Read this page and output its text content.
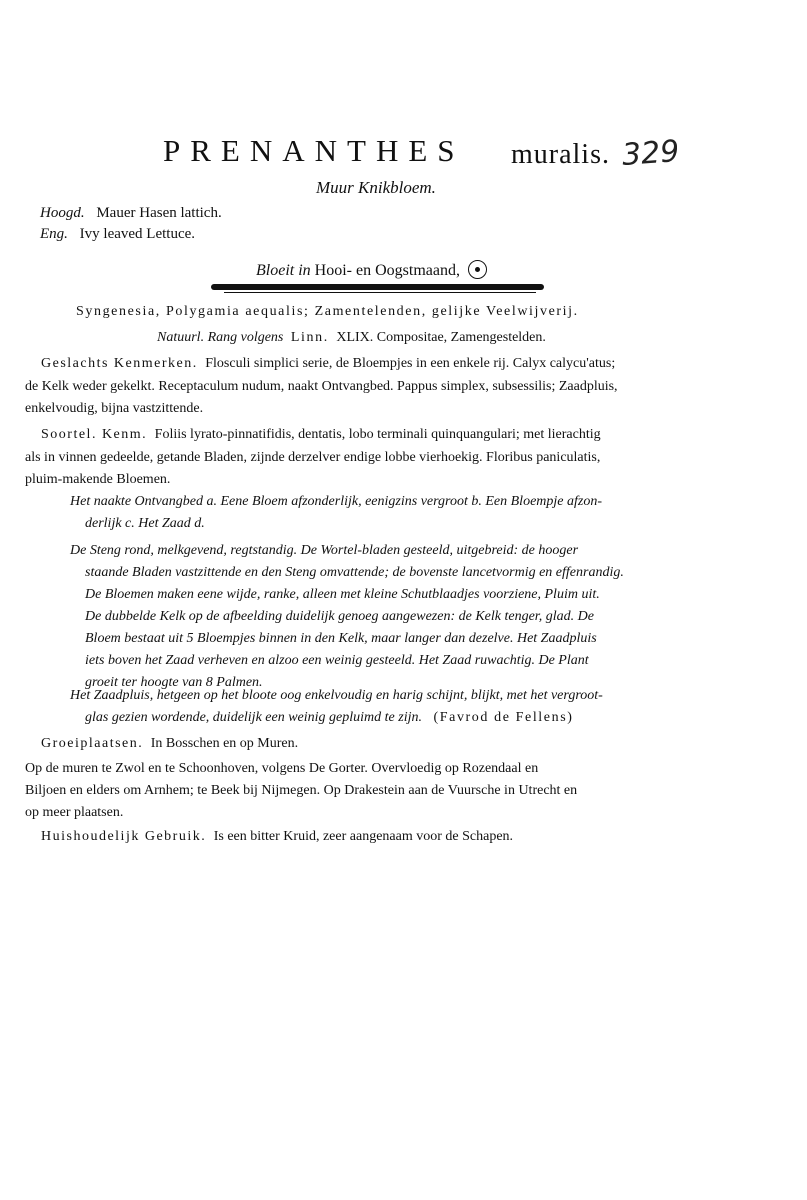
PRENANTHES muralis. 329
Muur Knikbloem.
Hoogd. Mauer Hasen lattich.
Eng. Ivy leaved Lettuce.
Bloeit in Hooi- en Oogstmaand,
Syngenesia, Polygamia aequalis; Zamentelenden, gelijke Veelwijverij.
Natuurl. Rang volgens Linn. XLIX. Compositae, Zamengestelden.
Geslachts Kenmerken. Flosculi simplici serie, de Bloempjes in een enkele rij. Calyx calycu'atus;
de Kelk weder gekelkt. Receptaculum nudum, naakt Ontvangbed. Pappus simplex, subsessilis; Zaadpluis,
enkelvoudig, bijna vastzittende.
Soortel. Kenm. Foliis lyrato-pinnatifidis, dentatis, lobo terminali quinquangulari; met lierachtig
als in vinnen gedeelde, getande Bladen, zijnde derzelver endige lobbe vierhoekig. Floribus paniculatis,
pluim-makende Bloemen.
Het naakte Ontvangbed a. Eene Bloem afzonderlijk, eenigzins vergroot b. Een Bloempje afzon-
derlijk c. Het Zaad d.
De Steng rond, melkgevend, regtstandig. De Wortel-bladen gesteeld, uitgebreid: de hooger
staande Bladen vastzittende en den Steng omvattende; de bovenste lancetvormig en effenrandig.
De Bloemen maken eene wijde, ranke, alleen met kleine Schutblaadjes voorziene, Pluim uit.
De dubbelde Kelk op de afbeelding duidelijk genoeg aangewezen: de Kelk tenger, glad. De
Bloem bestaat uit 5 Bloempjes binnen in den Kelk, maar langer dan dezelve. Het Zaadpluis
iets boven het Zaad verheven en alzoo een weinig gesteeld. Het Zaad ruwachtig. De Plant
groeit ter hoogte van 8 Palmen.
Het Zaadpluis, hetgeen op het bloote oog enkelvoudig en harig schijnt, blijkt, met het vergroot-
glas gezien wordende, duidelijk een weinig gepluimd te zijn. (Favrod de Fellens)
Groeiplaatsen. In Bosschen en op Muren.
Op de muren te Zwol en te Schoonhoven, volgens De Gorter. Overvloedig op Rozendaal en
Biljoen en elders om Arnhem; te Beek bij Nijmegen. Op Drakestein aan de Vuursche in Utrecht en
op meer plaatsen.
Huishoudelijk Gebruik. Is een bitter Kruid, zeer aangenaam voor de Schapen.
